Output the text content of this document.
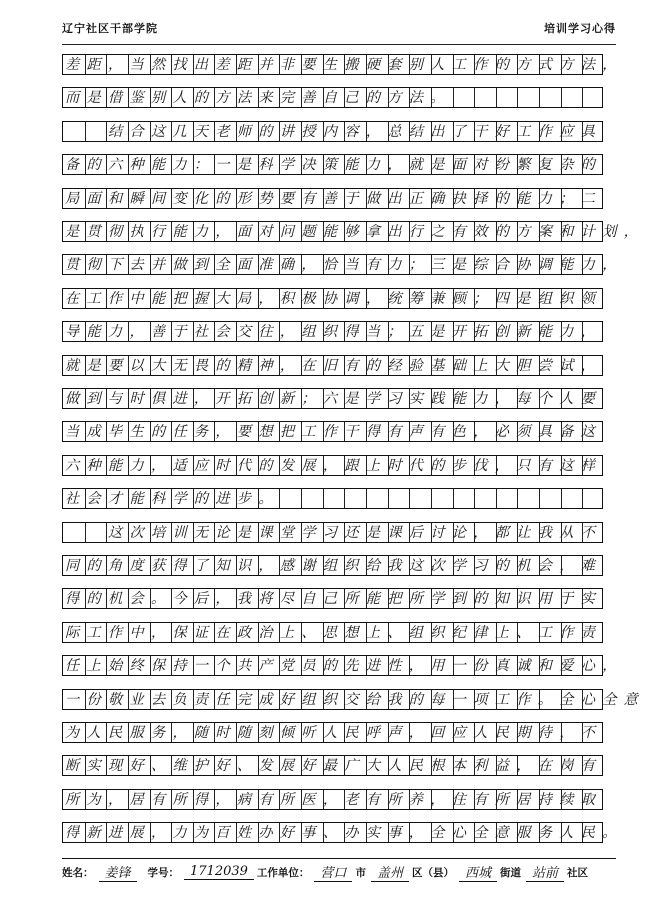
辽宁社区干部学院	培训学习心得
差距，当然找出差距并非要生搬硬套别人工作的方式方法，
而是借鉴别人的方法来完善自己的方法。
　　结合这几天老师的讲授内容，总结出了干好工作应具
备的六种能力：一是科学决策能力，就是面对纷繁复杂的
局面和瞬间变化的形势要有善于做出正确抉择的能力；二
是贯彻执行能力，面对问题能够拿出行之有效的方案和计划，
贯彻下去并做到全面准确，恰当有力；三是综合协调能力，
在工作中能把握大局，积极协调，统筹兼顾；四是组织领
导能力，善于社会交往，组织得当；五是开拓创新能力，
就是要以大无畏的精神，在旧有的经验基础上大胆尝试，
做到与时俱进，开拓创新；六是学习实践能力，每个人要
当成毕生的任务，要想把工作干得有声有色，必须具备这
六种能力，适应时代的发展，跟上时代的步伐，只有这样
社会才能科学的进步。
　　这次培训无论是课堂学习还是课后讨论，都让我从不
同的角度获得了知识，感谢组织给我这次学习的机会，难
得的机会。今后，我将尽自己所能把所学到的知识用于实
际工作中，保证在政治上、思想上、组织纪律上、工作责
任上始终保持一个共产党员的先进性，用一份真诚和爱心，
一份敬业去负责任完成好组织交给我的每一项工作。全心全意
为人民服务，随时随刻倾听人民呼声，回应人民期待，不
断实现好、维护好、发展好最广大人民根本利益，在岗有
所为，居有所得，病有所医，老有所养，住有所居持续取
得新进展，力为百姓办好事、办实事，全心全意服务人民。
姓名： 姜锋	学号： 1712039 工作单位： 营口 市 盖州 区（县） 西城 街道 站前 社区
